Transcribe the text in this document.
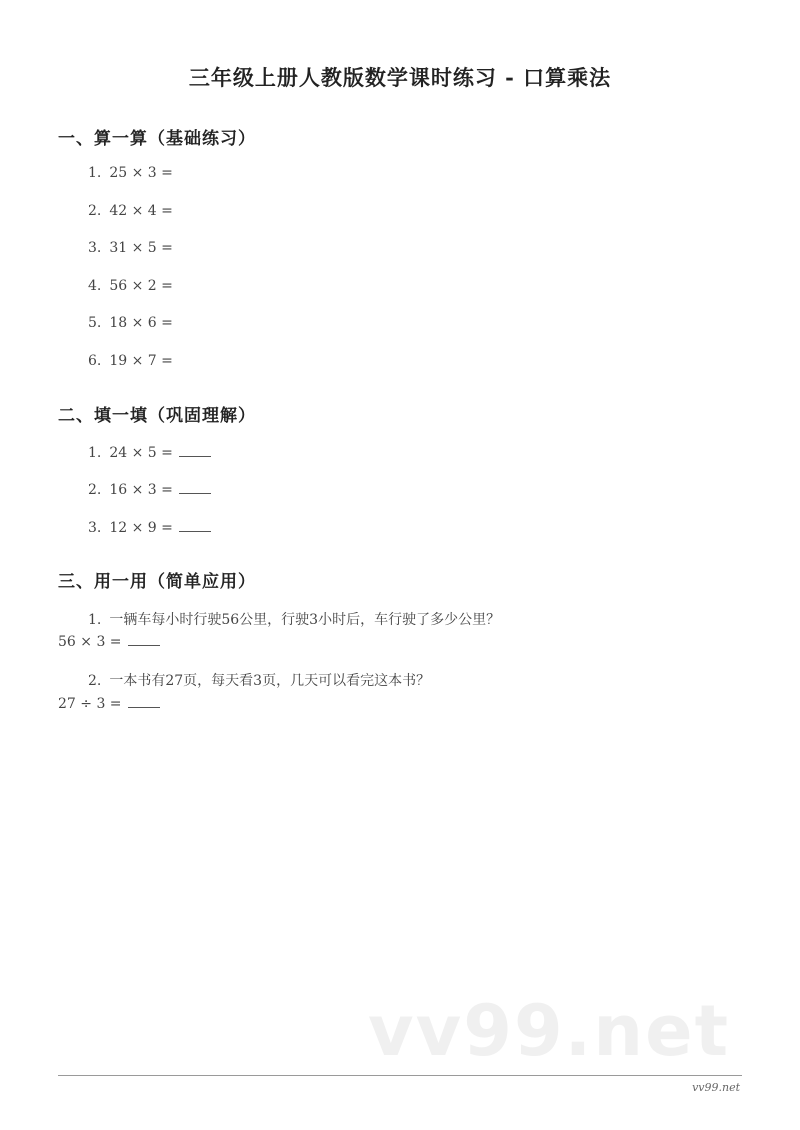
三年级上册人教版数学课时练习 - 口算乘法
一、算一算（基础练习）
1. 25 × 3 =
2. 42 × 4 =
3. 31 × 5 =
4. 56 × 2 =
5. 18 × 6 =
6. 19 × 7 =
二、填一填（巩固理解）
1. 24 × 5 =
2. 16 × 3 =
3. 12 × 9 =
三、用一用（简单应用）
1. 一辆车每小时行驶56公里，行驶3小时后，车行驶了多少公里？
56 × 3 =
2. 一本书有27页，每天看3页，几天可以看完这本书？
27 ÷ 3 =
vv99.net
vv99.net
